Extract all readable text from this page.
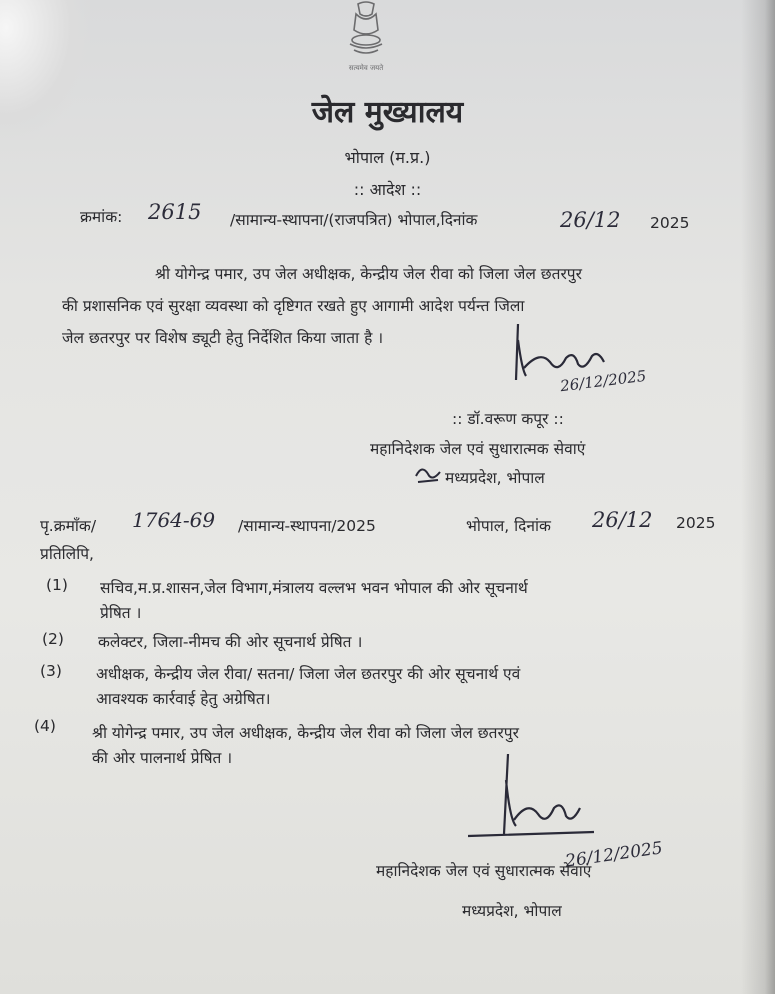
सत्यमेव जयते
जेल मुख्यालय
भोपाल (म.प्र.)
:: आदेश ::
क्रमांक: 2615 /सामान्य-स्थापना/(राजपत्रित) भोपाल,दिनांक	26/12 2025
श्री योगेन्द्र पमार, उप जेल अधीक्षक, केन्द्रीय जेल रीवा को जिला जेल छतरपुर
की प्रशासनिक एवं सुरक्षा व्यवस्था को दृष्टिगत रखते हुए आगामी आदेश पर्यन्त जिला
जेल छतरपुर पर विशेष ड्यूटी हेतु निर्देशित किया जाता है ।
26/12/2025
:: डॉ.वरूण कपूर ::
महानिदेशक जेल एवं सुधारात्मक सेवाएं
मध्यप्रदेश, भोपाल
पृ.क्रमाँक/ 1764-69 /सामान्य-स्थापना/2025	भोपाल, दिनांक 26/12 2025
प्रतिलिपि,
(1) सचिव,म.प्र.शासन,जेल विभाग,मंत्रालय वल्लभ भवन भोपाल की ओर सूचनार्थ
प्रेषित ।
(2) कलेक्टर, जिला-नीमच की ओर सूचनार्थ प्रेषित ।
(3) अधीक्षक, केन्द्रीय जेल रीवा/ सतना/ जिला जेल छतरपुर की ओर सूचनार्थ एवं
आवश्यक कार्रवाई हेतु अग्रेषित।
(4) श्री योगेन्द्र पमार, उप जेल अधीक्षक, केन्द्रीय जेल रीवा को जिला जेल छतरपुर
की ओर पालनार्थ प्रेषित ।
26/12/2025
महानिदेशक जेल एवं सुधारात्मक सेवाएं
मध्यप्रदेश, भोपाल
